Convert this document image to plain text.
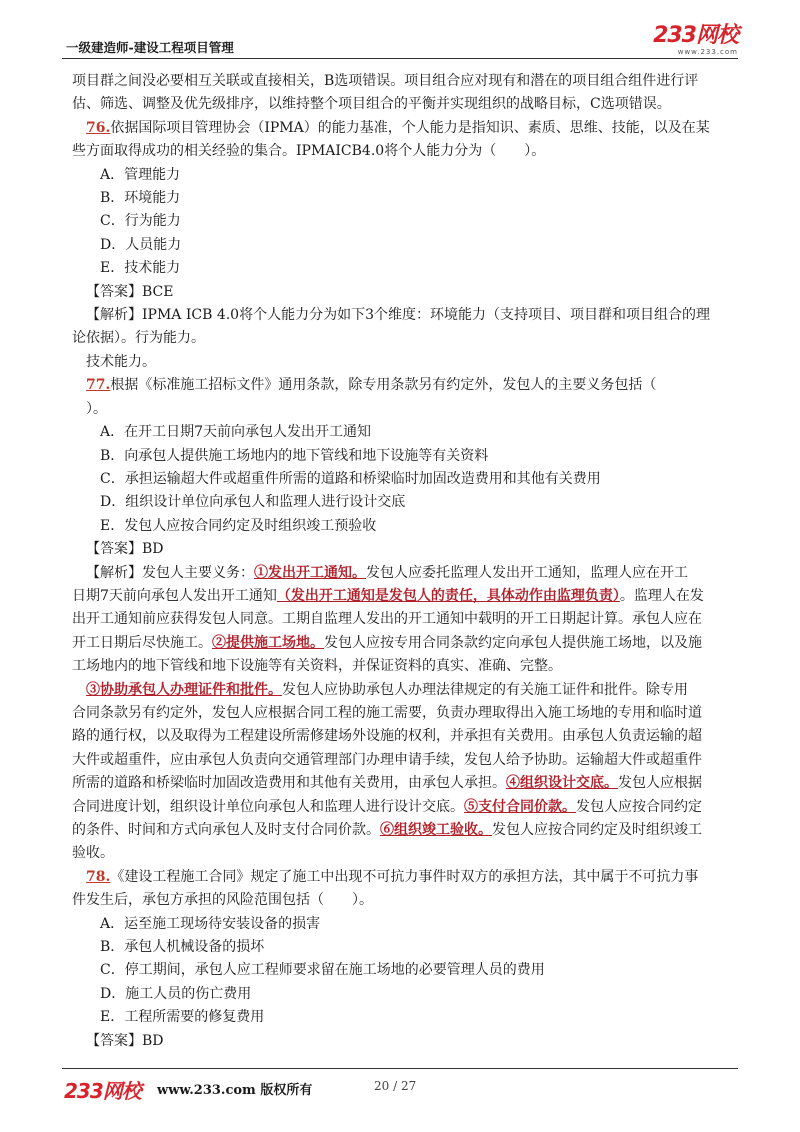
一级建造师-建设工程项目管理	233网校
www.233.com
项目群之间没必要相互关联或直接相关，B选项错误。项目组合应对现有和潜在的项目组合组件进行评
估、筛选、调整及优先级排序，以维持整个项目组合的平衡并实现组织的战略目标，C选项错误。
76.依据国际项目管理协会（IPMA）的能力基准，个人能力是指知识、素质、思维、技能，以及在某
些方面取得成功的相关经验的集合。IPMAICB4.0将个人能力分为（　　）。
A．管理能力
B．环境能力
C．行为能力
D．人员能力
E．技术能力
【答案】BCE
【解析】IPMA ICB 4.0将个人能力分为如下3个维度：环境能力（支持项目、项目群和项目组合的理
论依据）。行为能力。
技术能力。
77.根据《标准施工招标文件》通用条款，除专用条款另有约定外，发包人的主要义务包括（
）。
A．在开工日期7天前向承包人发出开工通知
B．向承包人提供施工场地内的地下管线和地下设施等有关资料
C．承担运输超大件或超重件所需的道路和桥梁临时加固改造费用和其他有关费用
D．组织设计单位向承包人和监理人进行设计交底
E．发包人应按合同约定及时组织竣工预验收
【答案】BD
【解析】发包人主要义务：①发出开工通知。发包人应委托监理人发出开工通知，监理人应在开工
日期7天前向承包人发出开工通知（发出开工通知是发包人的责任，具体动作由监理负责）。监理人在发
出开工通知前应获得发包人同意。工期自监理人发出的开工通知中载明的开工日期起计算。承包人应在
开工日期后尽快施工。②提供施工场地。发包人应按专用合同条款约定向承包人提供施工场地，以及施
工场地内的地下管线和地下设施等有关资料，并保证资料的真实、准确、完整。
③协助承包人办理证件和批件。发包人应协助承包人办理法律规定的有关施工证件和批件。除专用
合同条款另有约定外，发包人应根据合同工程的施工需要，负责办理取得出入施工场地的专用和临时道
路的通行权，以及取得为工程建设所需修建场外设施的权利，并承担有关费用。由承包人负责运输的超
大件或超重件，应由承包人负责向交通管理部门办理申请手续，发包人给予协助。运输超大件或超重件
所需的道路和桥梁临时加固改造费用和其他有关费用，由承包人承担。④组织设计交底。发包人应根据
合同进度计划，组织设计单位向承包人和监理人进行设计交底。⑤支付合同价款。发包人应按合同约定
的条件、时间和方式向承包人及时支付合同价款。⑥组织竣工验收。发包人应按合同约定及时组织竣工
验收。
78.《建设工程施工合同》规定了施工中出现不可抗力事件时双方的承担方法，其中属于不可抗力事
件发生后，承包方承担的风险范围包括（　　）。
A．运至施工现场待安装设备的损害
B．承包人机械设备的损坏
C．停工期间，承包人应工程师要求留在施工场地的必要管理人员的费用
D．施工人员的伤亡费用
E．工程所需要的修复费用
【答案】BD
233网校 www.233.com 版权所有	20 / 27
